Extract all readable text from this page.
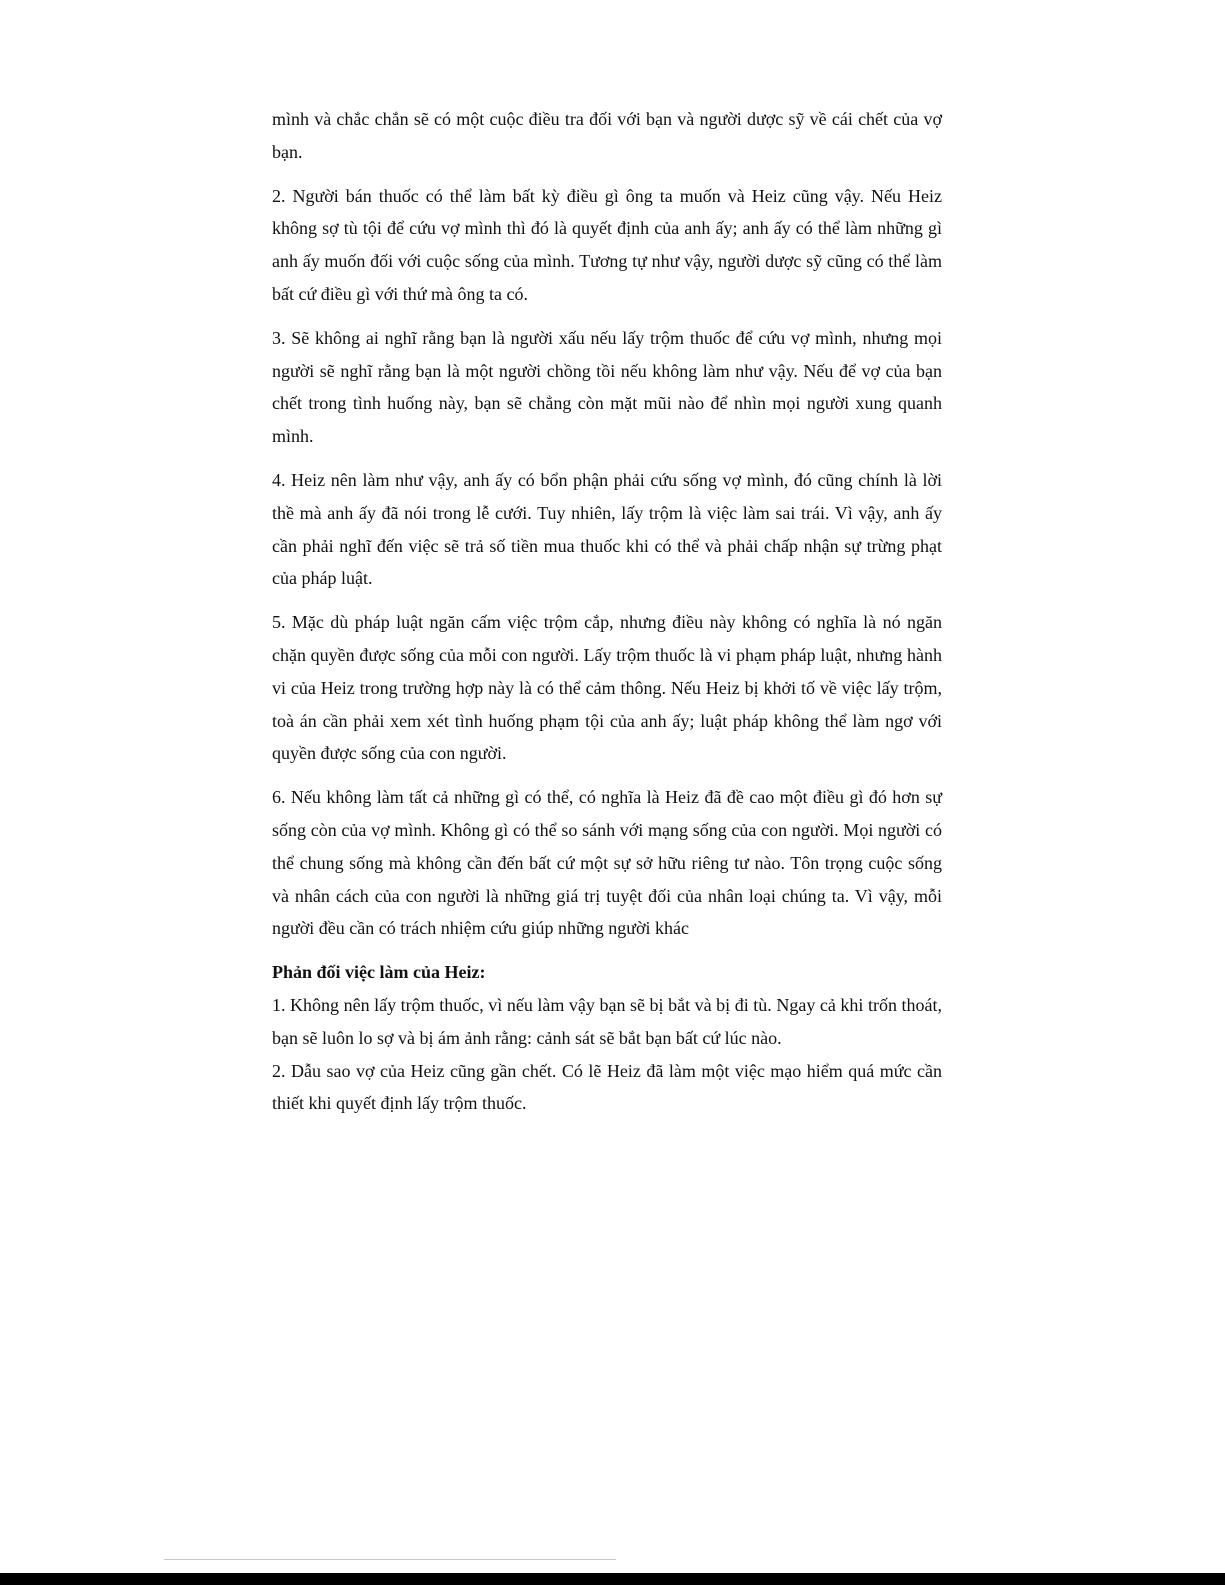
mình và chắc chắn sẽ có một cuộc điều tra đối với bạn và người dược sỹ về cái chết của vợ bạn.

2. Người bán thuốc có thể làm bất kỳ điều gì ông ta muốn và Heiz cũng vậy. Nếu Heiz không sợ tù tội để cứu vợ mình thì đó là quyết định của anh ấy; anh ấy có thể làm những gì anh ấy muốn đối với cuộc sống của mình. Tương tự như vậy, người dược sỹ cũng có thể làm bất cứ điều gì với thứ mà ông ta có.

3. Sẽ không ai nghĩ rằng bạn là người xấu nếu lấy trộm thuốc để cứu vợ mình, nhưng mọi người sẽ nghĩ rằng bạn là một người chồng tồi nếu không làm như vậy. Nếu để vợ của bạn chết trong tình huống này, bạn sẽ chẳng còn mặt mũi nào để nhìn mọi người xung quanh mình.

4. Heiz nên làm như vậy, anh ấy có bổn phận phải cứu sống vợ mình, đó cũng chính là lời thề mà anh ấy đã nói trong lễ cưới. Tuy nhiên, lấy trộm là việc làm sai trái. Vì vậy, anh ấy cần phải nghĩ đến việc sẽ trả số tiền mua thuốc khi có thể và phải chấp nhận sự trừng phạt của pháp luật.

5. Mặc dù pháp luật ngăn cấm việc trộm cắp, nhưng điều này không có nghĩa là nó ngăn chặn quyền được sống của mỗi con người. Lấy trộm thuốc là vi phạm pháp luật, nhưng hành vi của Heiz trong trường hợp này là có thể cảm thông. Nếu Heiz bị khởi tố về việc lấy trộm, toà án cần phải xem xét tình huống phạm tội của anh ấy; luật pháp không thể làm ngơ với quyền được sống của con người.

6. Nếu không làm tất cả những gì có thể, có nghĩa là Heiz đã đề cao một điều gì đó hơn sự sống còn của vợ mình. Không gì có thể so sánh với mạng sống của con người. Mọi người có thể chung sống mà không cần đến bất cứ một sự sở hữu riêng tư nào. Tôn trọng cuộc sống và nhân cách của con người là những giá trị tuyệt đối của nhân loại chúng ta. Vì vậy, mỗi người đều cần có trách nhiệm cứu giúp những người khác

Phản đối việc làm của Heiz:

1. Không nên lấy trộm thuốc, vì nếu làm vậy bạn sẽ bị bắt và bị đi tù. Ngay cả khi trốn thoát, bạn sẽ luôn lo sợ và bị ám ảnh rằng: cảnh sát sẽ bắt bạn bất cứ lúc nào.

2. Dẫu sao vợ của Heiz cũng gần chết. Có lẽ Heiz đã làm một việc mạo hiểm quá mức cần thiết khi quyết định lấy trộm thuốc.
